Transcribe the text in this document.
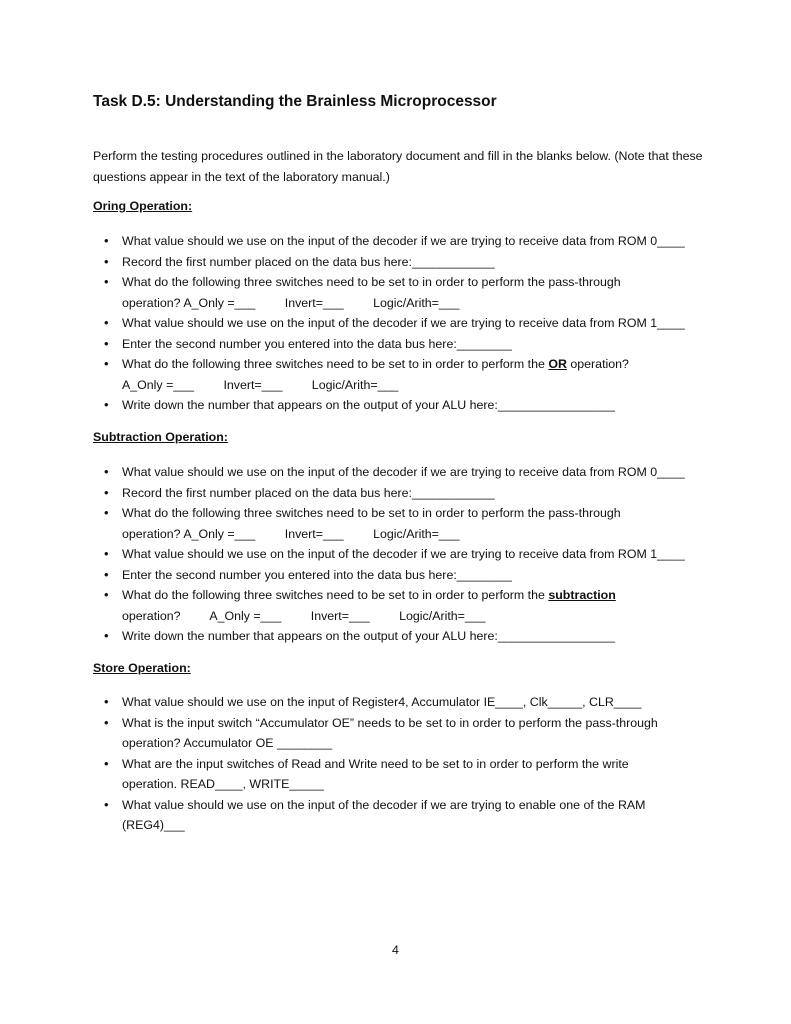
Task D.5: Understanding the Brainless Microprocessor

Perform the testing procedures outlined in the laboratory document and fill in the blanks below. (Note that these questions appear in the text of the laboratory manual.)

Oring Operation:

• What value should we use on the input of the decoder if we are trying to receive data from ROM 0____
• Record the first number placed on the data bus here:____________
• What do the following three switches need to be set to in order to perform the pass-through
operation? A_Only =___ Invert=___ Logic/Arith=___
• What value should we use on the input of the decoder if we are trying to receive data from ROM 1____
• Enter the second number you entered into the data bus here:________
• What do the following three switches need to be set to in order to perform the OR operation?
A_Only =___ Invert=___ Logic/Arith=___
• Write down the number that appears on the output of your ALU here:_________________

Subtraction Operation:

• What value should we use on the input of the decoder if we are trying to receive data from ROM 0____
• Record the first number placed on the data bus here:____________
• What do the following three switches need to be set to in order to perform the pass-through
operation? A_Only =___ Invert=___ Logic/Arith=___
• What value should we use on the input of the decoder if we are trying to receive data from ROM 1____
• Enter the second number you entered into the data bus here:________
• What do the following three switches need to be set to in order to perform the subtraction
operation? A_Only =___ Invert=___ Logic/Arith=___
• Write down the number that appears on the output of your ALU here:_________________

Store Operation:

• What value should we use on the input of Register4, Accumulator IE____, Clk_____, CLR____
• What is the input switch “Accumulator OE” needs to be set to in order to perform the pass-through
operation? Accumulator OE ________
• What are the input switches of Read and Write need to be set to in order to perform the write
operation. READ____, WRITE_____
• What value should we use on the input of the decoder if we are trying to enable one of the RAM
(REG4)___

4
